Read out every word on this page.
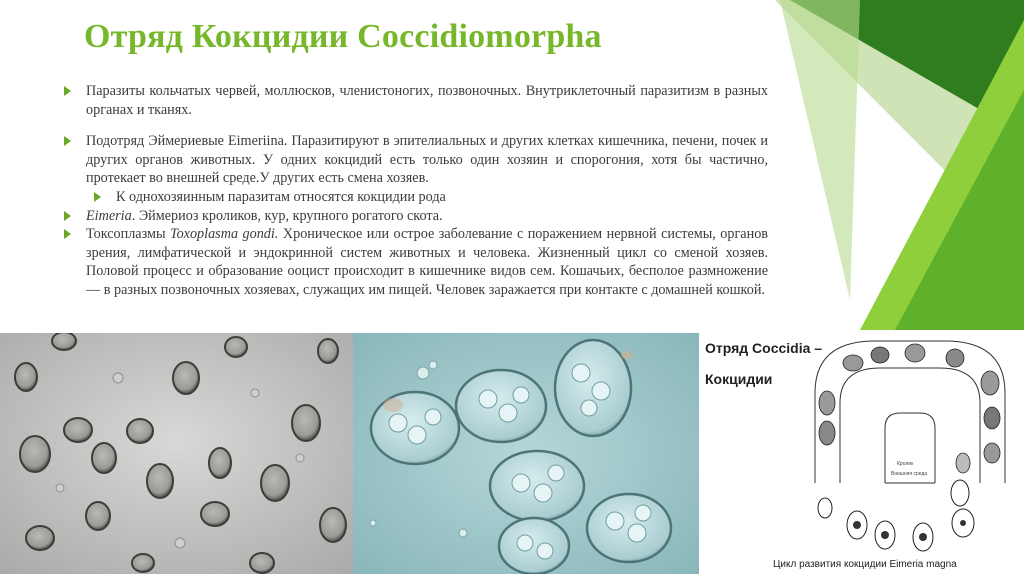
Отряд Кокцидии Coccidiomorpha
Паразиты кольчатых червей, моллюсков, членистоногих, позвоночных. Внутриклеточный паразитизм в разных органах и тканях.
Подотряд Эймериевые Eimeriina. Паразитируют в эпителиальных и других клетках кишечника, печени, почек и других органов животных. У одних кокцидий есть только один хозяин и спорогония, хотя бы частично, протекает во внешней среде.У других есть смена хозяев.
К однохозяинным паразитам относятся кокцидии рода
Eimeria. Эймериоз кроликов, кур, крупного рогатого скота.
Токсоплазмы Toxoplasma gondi. Хроническое или острое заболевание с поражением нервной системы, органов зрения, лимфатической и эндокринной систем животных и человека. Жизненный цикл со сменой хозяев. Половой процесс и образование ооцист происходит в кишечнике видов сем. Кошачьих, бесполое размножение — в разных позвоночных хозяевах, служащих им пищей. Человек заражается при контакте с домашней кошкой.
Отряд Coccidia –
Кокцидии
Кролик
Внешняя среда
Цикл развития кокцидии Eimeria magna
